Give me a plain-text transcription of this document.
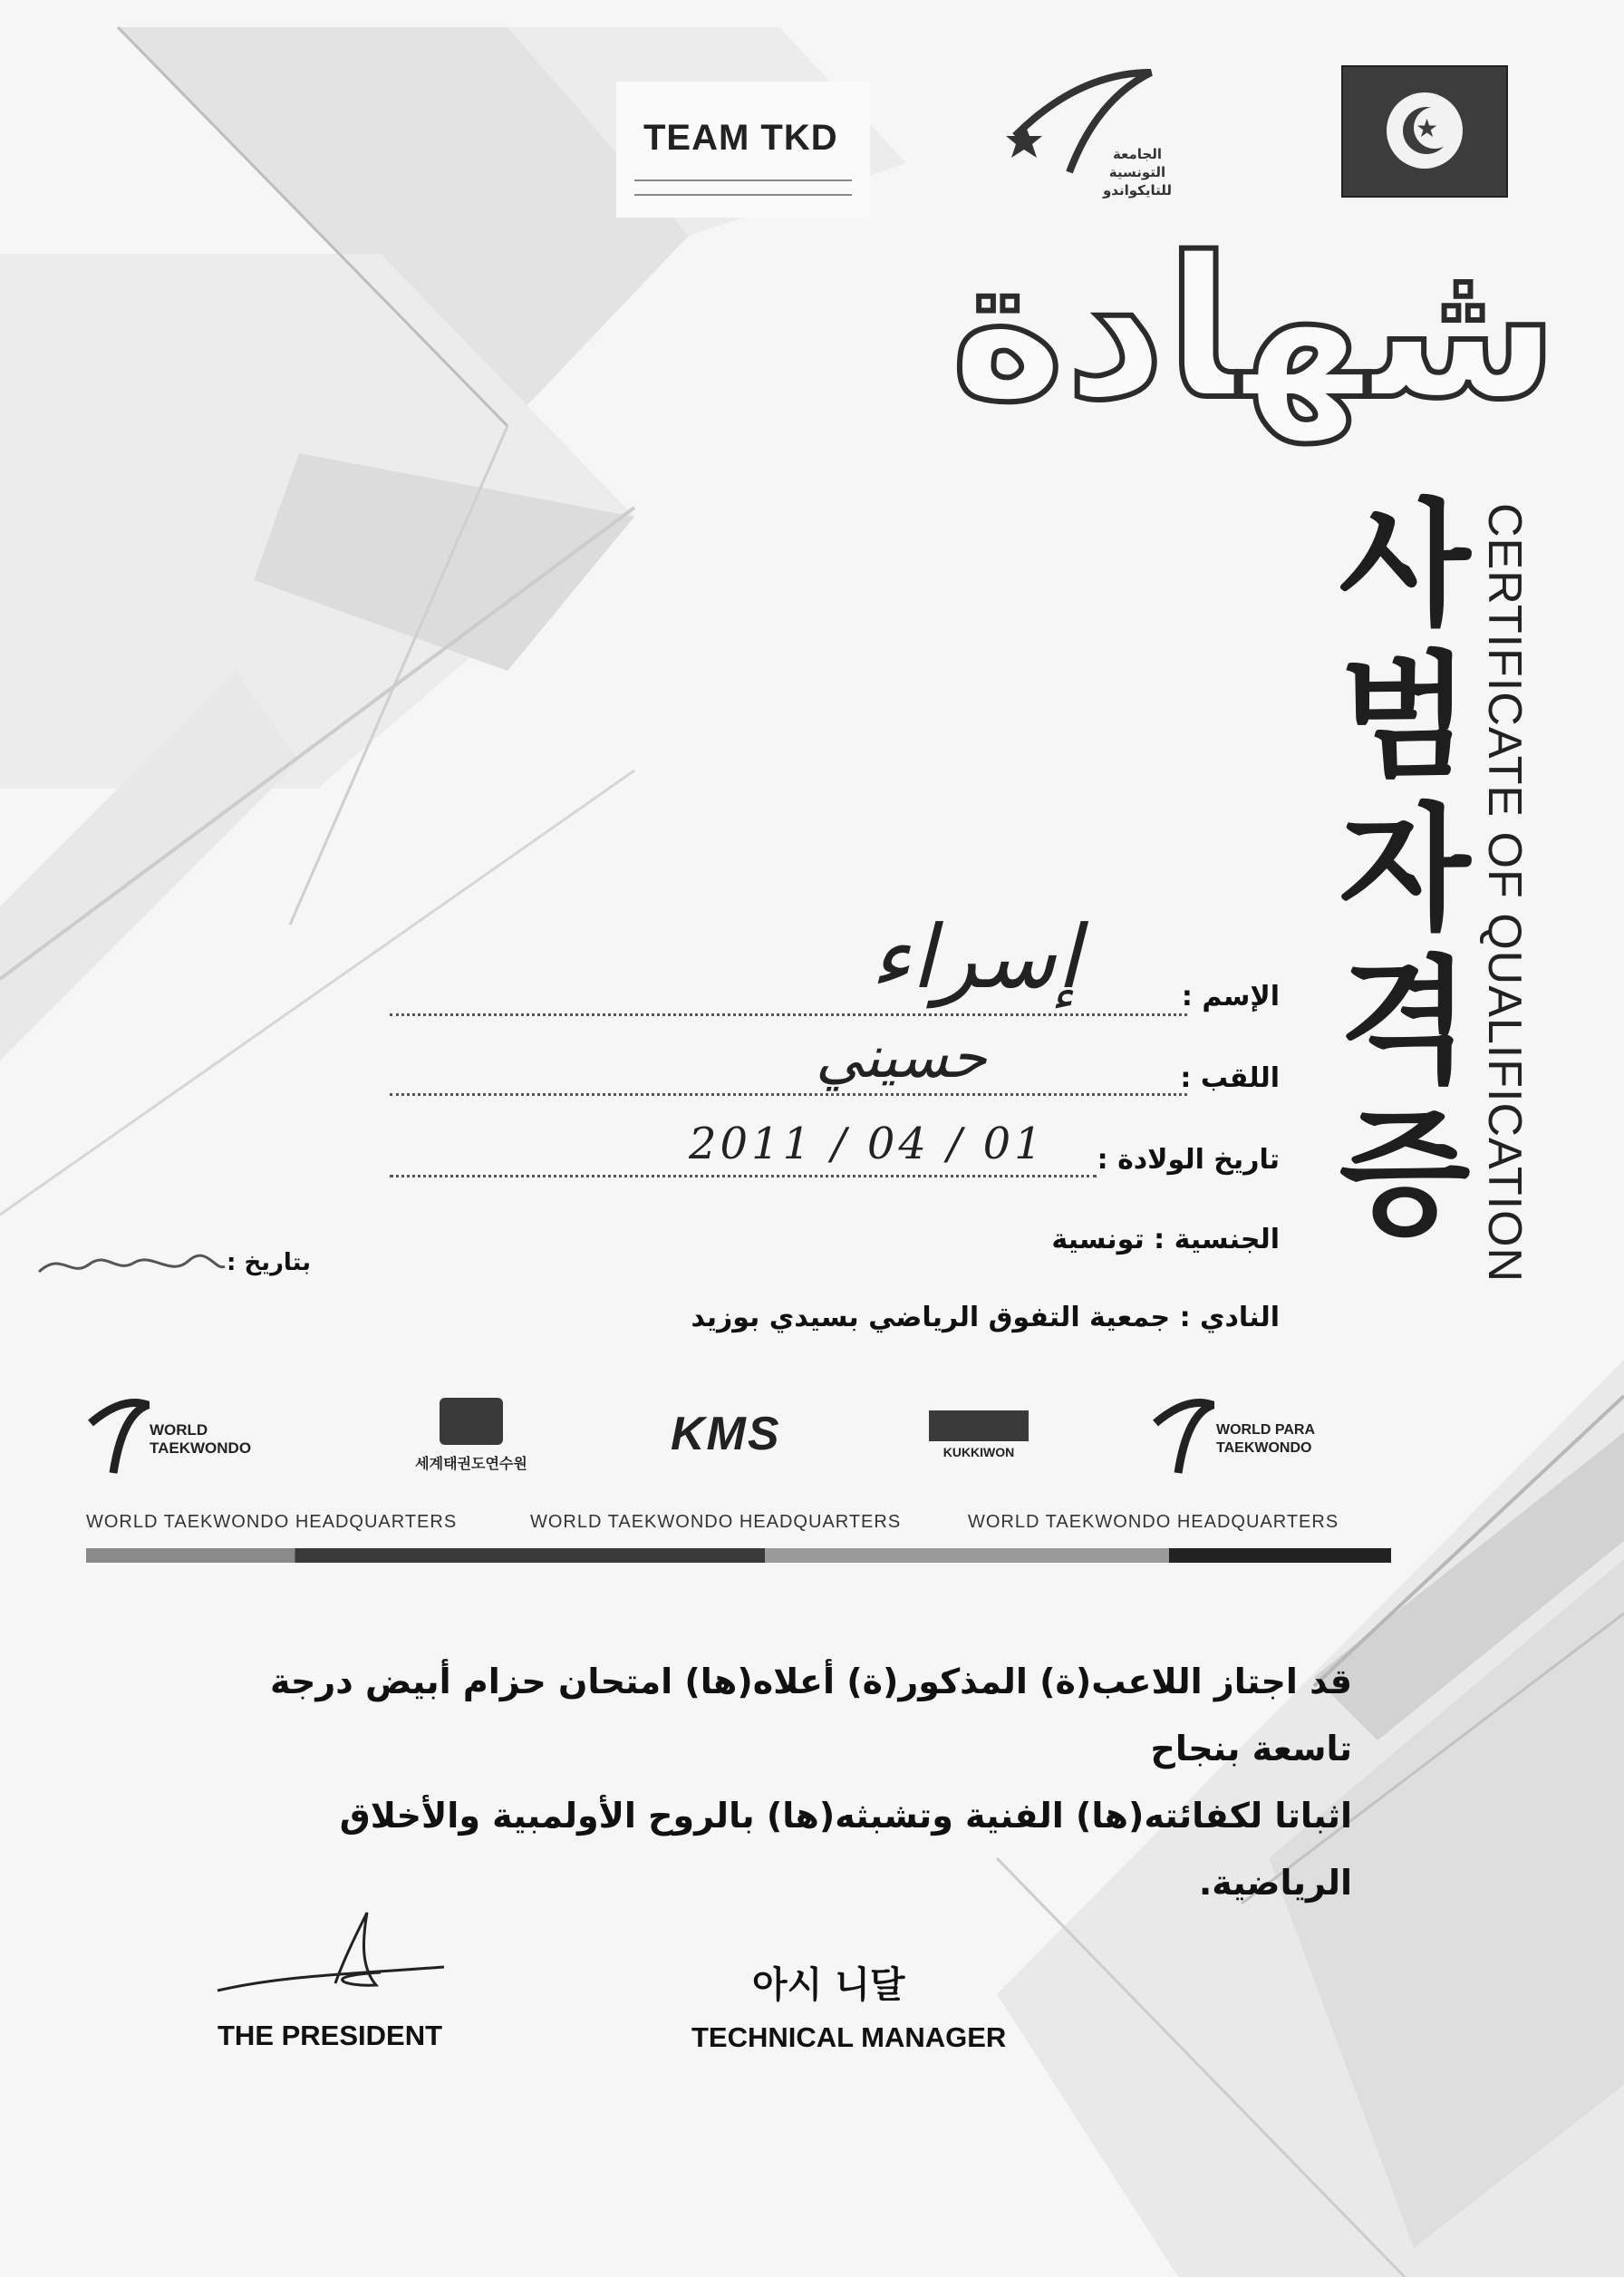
TEAM TKD	الجامعة التونسية للتايكواندو
★
شهادة
사
범
자
격
증 CERTIFICATE OF QUALIFICATION
الإسم :
إسراء
اللقب :
حسيني
تاريخ الولادة :
2011 / 04 / 01
الجنسية : تونسية
النادي : جمعية التفوق الرياضي بسيدي بوزيد
بتاريخ :
WORLD TAEKWONDO
세계태권도연수원
KMS	KUKKIWON
WORLD PARA TAEKWONDO
WORLD TAEKWONDO HEADQUARTERS	WORLD TAEKWONDO HEADQUARTERS	WORLD TAEKWONDO HEADQUARTERS
قد اجتاز اللاعب(ة) المذكور(ة) أعلاه(ها) امتحان حزام أبيض درجة تاسعة بنجاح
اثباتا لكفائته(ها) الفنية وتشبثه(ها) بالروح الأولمبية والأخلاق الرياضية.
THE PRESIDENT
아시 니달
TECHNICAL MANAGER
